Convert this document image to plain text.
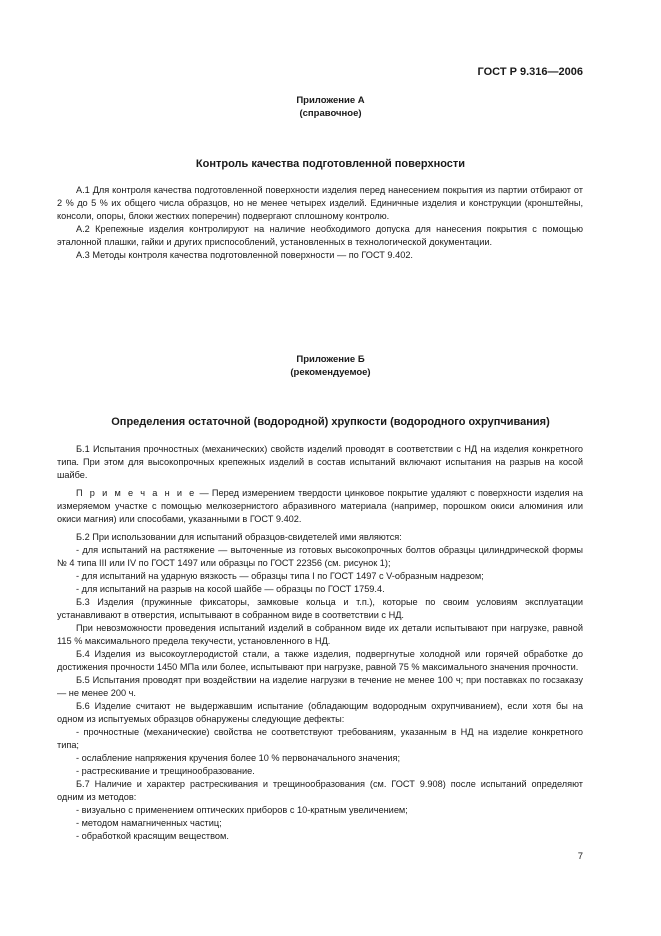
ГОСТ Р 9.316—2006
Приложение А
(справочное)
Контроль качества подготовленной поверхности

А.1 Для контроля качества подготовленной поверхности изделия перед нанесением покрытия из партии отбирают от 2 % до 5 % их общего числа образцов, но не менее четырех изделий. Единичные изделия и конструкции (кронштейны, консоли, опоры, блоки жестких поперечин) подвергают сплошному контролю.

А.2 Крепежные изделия контролируют на наличие необходимого допуска для нанесения покрытия с помощью эталонной плашки, гайки и других приспособлений, установленных в технологической документации.

А.3 Методы контроля качества подготовленной поверхности — по ГОСТ 9.402.

Приложение Б
(рекомендуемое)
Определения остаточной (водородной) хрупкости (водородного охрупчивания)

Б.1 Испытания прочностных (механических) свойств изделий проводят в соответствии с НД на изделия конкретного типа. При этом для высокопрочных крепежных изделий в состав испытаний включают испытания на разрыв на косой шайбе.

П р и м е ч а н и е — Перед измерением твердости цинковое покрытие удаляют с поверхности изделия на измеряемом участке с помощью мелкозернистого абразивного материала (например, порошком окиси алюминия или окиси магния) или способами, указанными в ГОСТ 9.402.

Б.2 При использовании для испытаний образцов-свидетелей ими являются:

- для испытаний на растяжение — выточенные из готовых высокопрочных болтов образцы цилиндрической формы № 4 типа III или IV по ГОСТ 1497 или образцы по ГОСТ 22356 (см. рисунок 1);

- для испытаний на ударную вязкость — образцы типа I по ГОСТ 1497 с V-образным надрезом;

- для испытаний на разрыв на косой шайбе — образцы по ГОСТ 1759.4.

Б.3 Изделия (пружинные фиксаторы, замковые кольца и т.п.), которые по своим условиям эксплуатации устанавливают в отверстия, испытывают в собранном виде в соответствии с НД.

При невозможности проведения испытаний изделий в собранном виде их детали испытывают при нагрузке, равной 115 % максимального предела текучести, установленного в НД.

Б.4 Изделия из высокоуглеродистой стали, а также изделия, подвергнутые холодной или горячей обработке до достижения прочности 1450 МПа или более, испытывают при нагрузке, равной 75 % максимального значения прочности.

Б.5 Испытания проводят при воздействии на изделие нагрузки в течение не менее 100 ч; при поставках по госзаказу — не менее 200 ч.

Б.6 Изделие считают не выдержавшим испытание (обладающим водородным охрупчиванием), если хотя бы на одном из испытуемых образцов обнаружены следующие дефекты:

- прочностные (механические) свойства не соответствуют требованиям, указанным в НД на изделие конкретного типа;

- ослабление напряжения кручения более 10 % первоначального значения;

- растрескивание и трещинообразование.

Б.7 Наличие и характер растрескивания и трещинообразования (см. ГОСТ 9.908) после испытаний определяют одним из методов:

- визуально с применением оптических приборов с 10-кратным увеличением;

- методом намагниченных частиц;

- обработкой красящим веществом.

7
